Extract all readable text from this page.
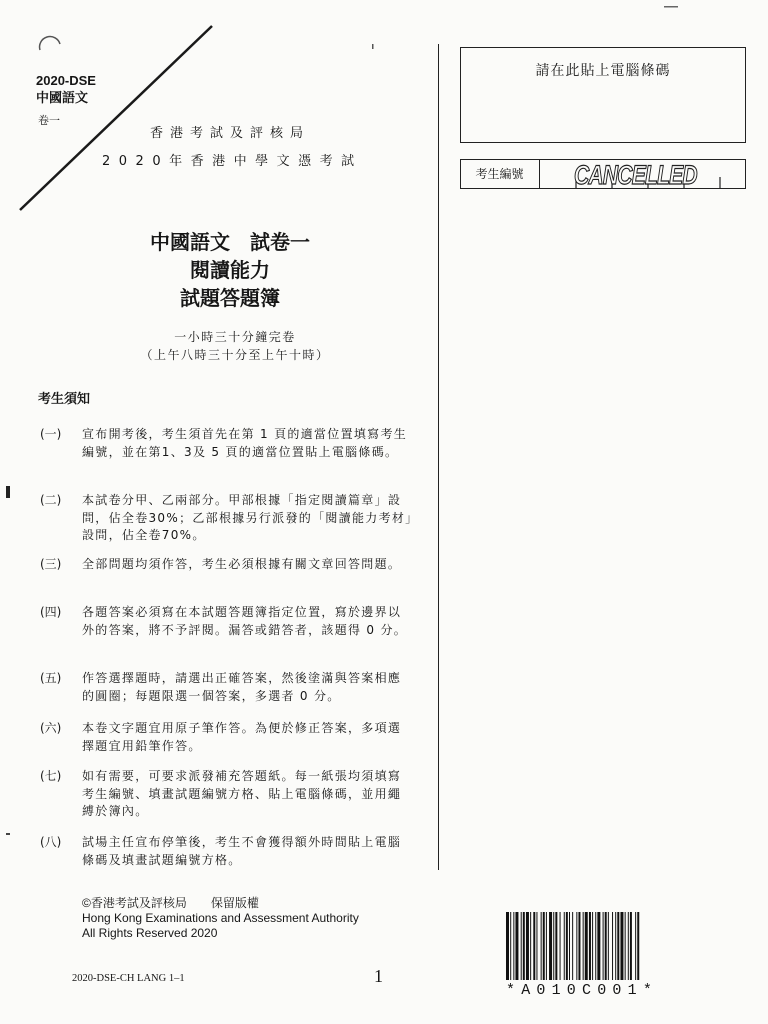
2020-DSE
中國語文
卷一
香港考試及評核局
2020年香港中學文憑考試
中國語文　試卷一
閱讀能力
試題答題簿
一小時三十分鐘完卷
（上午八時三十分至上午十時）
考生須知
(一)	宣布開考後，考生須首先在第 1 頁的適當位置填寫考生編號，並在第1、3及 5 頁的適當位置貼上電腦條碼。
(二)	本試卷分甲、乙兩部分。甲部根據「指定閱讀篇章」設問，佔全卷30%；乙部根據另行派發的「閱讀能力考材」設問，佔全卷70%。
(三)	全部問題均須作答，考生必須根據有關文章回答問題。
(四)	各題答案必須寫在本試題答題簿指定位置，寫於邊界以外的答案，將不予評閱。漏答或錯答者，該題得 0 分。
(五)	作答選擇題時，請選出正確答案，然後塗滿與答案相應的圓圈；每題限選一個答案，多選者 0 分。
(六)	本卷文字題宜用原子筆作答。為便於修正答案，多項選擇題宜用鉛筆作答。
(七)	如有需要，可要求派發補充答題紙。每一紙張均須填寫考生編號、填畫試題編號方格、貼上電腦條碼，並用繩縛於簿內。
(八)	試場主任宣布停筆後，考生不會獲得額外時間貼上電腦條碼及填畫試題編號方格。
請在此貼上電腦條碼
考生編號	CANCELLED
©香港考試及評核局　　保留版權
Hong Kong Examinations and Assessment Authority
All Rights Reserved 2020
2020-DSE-CH LANG 1–1	1
*A010C001*
